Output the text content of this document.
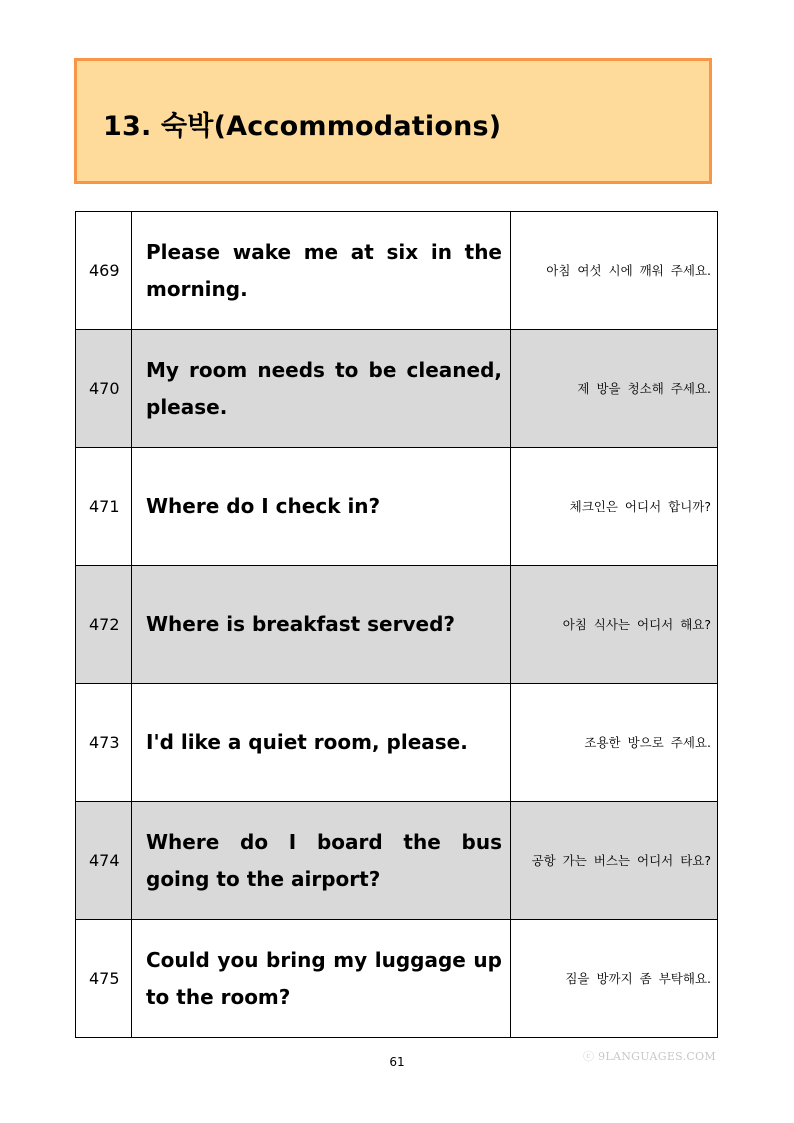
13. 숙박(Accommodations)
469	Please wake me at six in the morning.	아침 여섯 시에 깨워 주세요.
470	My room needs to be cleaned, please.	제 방을 청소해 주세요.
471	Where do I check in?	체크인은 어디서 합니까?
472	Where is breakfast served?	아침 식사는 어디서 해요?
473	I'd like a quiet room, please.	조용한 방으로 주세요.
474	Where do I board the bus going to the airport?	공항 가는 버스는 어디서 타요?
475	Could you bring my luggage up to the room?	짐을 방까지 좀 부탁해요.
ⓒ 9LANGUAGES.COM
61
